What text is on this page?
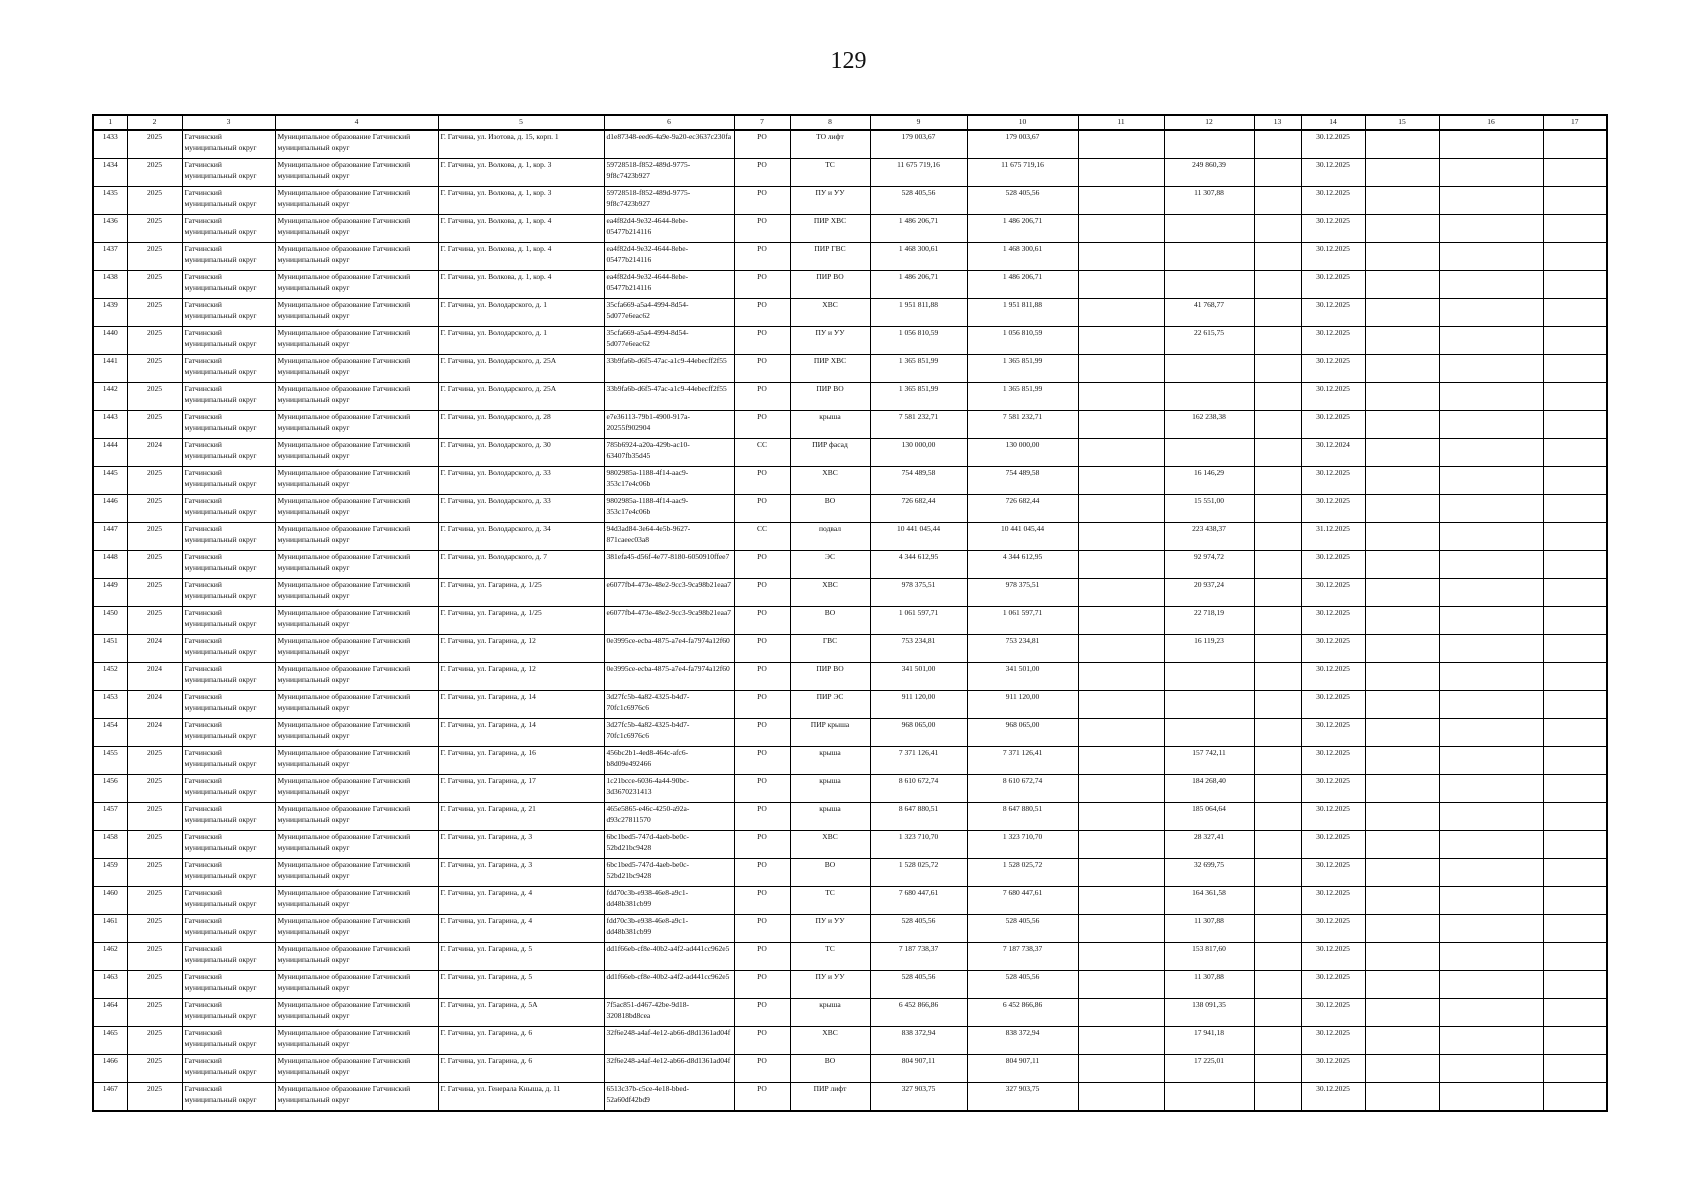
129
1	2	3	4	5	6	7	8	9	10	11	12	13	14	15	16	17
1433	2025	Гатчинский муниципальный округ	Муниципальное образование Гатчинский муниципальный округ	Г. Гатчина, ул. Изотова, д. 15, корп. 1	d1e87348-eed6-4a9e-9a20-ec3637c230fa	РО	ТО лифт	179 003,67	179 003,67				30.12.2025			
1434	2025	Гатчинский муниципальный округ	Муниципальное образование Гатчинский муниципальный округ	Г. Гатчина, ул. Волкова, д. 1, кор. 3	59728518-f852-489d-9775-9f8c7423b927	РО	ТС	11 675 719,16	11 675 719,16		249 860,39		30.12.2025			
1435	2025	Гатчинский муниципальный округ	Муниципальное образование Гатчинский муниципальный округ	Г. Гатчина, ул. Волкова, д. 1, кор. 3	59728518-f852-489d-9775-9f8c7423b927	РО	ПУ и УУ	528 405,56	528 405,56		11 307,88		30.12.2025			
1436	2025	Гатчинский муниципальный округ	Муниципальное образование Гатчинский муниципальный округ	Г. Гатчина, ул. Волкова, д. 1, кор. 4	ea4f82d4-9e32-4644-8ebe-05477b214116	РО	ПИР ХВС	1 486 206,71	1 486 206,71				30.12.2025			
1437	2025	Гатчинский муниципальный округ	Муниципальное образование Гатчинский муниципальный округ	Г. Гатчина, ул. Волкова, д. 1, кор. 4	ea4f82d4-9e32-4644-8ebe-05477b214116	РО	ПИР ГВС	1 468 300,61	1 468 300,61				30.12.2025			
1438	2025	Гатчинский муниципальный округ	Муниципальное образование Гатчинский муниципальный округ	Г. Гатчина, ул. Волкова, д. 1, кор. 4	ea4f82d4-9e32-4644-8ebe-05477b214116	РО	ПИР ВО	1 486 206,71	1 486 206,71				30.12.2025			
1439	2025	Гатчинский муниципальный округ	Муниципальное образование Гатчинский муниципальный округ	Г. Гатчина, ул. Володарского, д. 1	35cfa669-a5a4-4994-8d54-5d077e6eac62	РО	ХВС	1 951 811,88	1 951 811,88		41 768,77		30.12.2025			
1440	2025	Гатчинский муниципальный округ	Муниципальное образование Гатчинский муниципальный округ	Г. Гатчина, ул. Володарского, д. 1	35cfa669-a5a4-4994-8d54-5d077e6eac62	РО	ПУ и УУ	1 056 810,59	1 056 810,59		22 615,75		30.12.2025			
1441	2025	Гатчинский муниципальный округ	Муниципальное образование Гатчинский муниципальный округ	Г. Гатчина, ул. Володарского, д. 25А	33b9fa6b-d6f5-47ac-a1c9-44ebecff2f55	РО	ПИР ХВС	1 365 851,99	1 365 851,99				30.12.2025			
1442	2025	Гатчинский муниципальный округ	Муниципальное образование Гатчинский муниципальный округ	Г. Гатчина, ул. Володарского, д. 25А	33b9fa6b-d6f5-47ac-a1c9-44ebecff2f55	РО	ПИР ВО	1 365 851,99	1 365 851,99				30.12.2025			
1443	2025	Гатчинский муниципальный округ	Муниципальное образование Гатчинский муниципальный округ	Г. Гатчина, ул. Володарского, д. 28	e7e36113-79b1-4900-917a-20255f902904	РО	крыша	7 581 232,71	7 581 232,71		162 238,38		30.12.2025			
1444	2024	Гатчинский муниципальный округ	Муниципальное образование Гатчинский муниципальный округ	Г. Гатчина, ул. Володарского, д. 30	785b6924-a20a-429b-ac10-63407fb35d45	СС	ПИР фасад	130 000,00	130 000,00				30.12.2024			
1445	2025	Гатчинский муниципальный округ	Муниципальное образование Гатчинский муниципальный округ	Г. Гатчина, ул. Володарского, д. 33	9802985a-1188-4f14-aac9-353c17e4c06b	РО	ХВС	754 489,58	754 489,58		16 146,29		30.12.2025			
1446	2025	Гатчинский муниципальный округ	Муниципальное образование Гатчинский муниципальный округ	Г. Гатчина, ул. Володарского, д. 33	9802985a-1188-4f14-aac9-353c17e4c06b	РО	ВО	726 682,44	726 682,44		15 551,00		30.12.2025			
1447	2025	Гатчинский муниципальный округ	Муниципальное образование Гатчинский муниципальный округ	Г. Гатчина, ул. Володарского, д. 34	94d3ad84-3e64-4e5b-9627-871caeec03a8	СС	подвал	10 441 045,44	10 441 045,44		223 438,37		31.12.2025			
1448	2025	Гатчинский муниципальный округ	Муниципальное образование Гатчинский муниципальный округ	Г. Гатчина, ул. Володарского, д. 7	381efa45-d56f-4e77-8180-6050910ffee7	РО	ЭС	4 344 612,95	4 344 612,95		92 974,72		30.12.2025			
1449	2025	Гатчинский муниципальный округ	Муниципальное образование Гатчинский муниципальный округ	Г. Гатчина, ул. Гагарина, д. 1/25	e6077fb4-473e-48e2-9cc3-9ca98b21eaa7	РО	ХВС	978 375,51	978 375,51		20 937,24		30.12.2025			
1450	2025	Гатчинский муниципальный округ	Муниципальное образование Гатчинский муниципальный округ	Г. Гатчина, ул. Гагарина, д. 1/25	e6077fb4-473e-48e2-9cc3-9ca98b21eaa7	РО	ВО	1 061 597,71	1 061 597,71		22 718,19		30.12.2025			
1451	2024	Гатчинский муниципальный округ	Муниципальное образование Гатчинский муниципальный округ	Г. Гатчина, ул. Гагарина, д. 12	0e3995ce-ecba-4875-a7e4-fa7974a12f60	РО	ГВС	753 234,81	753 234,81		16 119,23		30.12.2025			
1452	2024	Гатчинский муниципальный округ	Муниципальное образование Гатчинский муниципальный округ	Г. Гатчина, ул. Гагарина, д. 12	0e3995ce-ecba-4875-a7e4-fa7974a12f60	РО	ПИР ВО	341 501,00	341 501,00				30.12.2025			
1453	2024	Гатчинский муниципальный округ	Муниципальное образование Гатчинский муниципальный округ	Г. Гатчина, ул. Гагарина, д. 14	3d27fc5b-4a82-4325-b4d7-70fc1c6976c6	РО	ПИР ЭС	911 120,00	911 120,00				30.12.2025			
1454	2024	Гатчинский муниципальный округ	Муниципальное образование Гатчинский муниципальный округ	Г. Гатчина, ул. Гагарина, д. 14	3d27fc5b-4a82-4325-b4d7-70fc1c6976c6	РО	ПИР крыша	968 065,00	968 065,00				30.12.2025			
1455	2025	Гатчинский муниципальный округ	Муниципальное образование Гатчинский муниципальный округ	Г. Гатчина, ул. Гагарина, д. 16	456bc2b1-4ed8-464c-afc6-b8d09e492466	РО	крыша	7 371 126,41	7 371 126,41		157 742,11		30.12.2025			
1456	2025	Гатчинский муниципальный округ	Муниципальное образование Гатчинский муниципальный округ	Г. Гатчина, ул. Гагарина, д. 17	1c21bcce-6036-4a44-90bc-3d3670231413	РО	крыша	8 610 672,74	8 610 672,74		184 268,40		30.12.2025			
1457	2025	Гатчинский муниципальный округ	Муниципальное образование Гатчинский муниципальный округ	Г. Гатчина, ул. Гагарина, д. 21	465e5865-e46c-4250-a92a-d93c27811570	РО	крыша	8 647 880,51	8 647 880,51		185 064,64		30.12.2025			
1458	2025	Гатчинский муниципальный округ	Муниципальное образование Гатчинский муниципальный округ	Г. Гатчина, ул. Гагарина, д. 3	6bc1bed5-747d-4aeb-be0c-52bd21bc9428	РО	ХВС	1 323 710,70	1 323 710,70		28 327,41		30.12.2025			
1459	2025	Гатчинский муниципальный округ	Муниципальное образование Гатчинский муниципальный округ	Г. Гатчина, ул. Гагарина, д. 3	6bc1bed5-747d-4aeb-be0c-52bd21bc9428	РО	ВО	1 528 025,72	1 528 025,72		32 699,75		30.12.2025			
1460	2025	Гатчинский муниципальный округ	Муниципальное образование Гатчинский муниципальный округ	Г. Гатчина, ул. Гагарина, д. 4	fdd70c3b-e938-46e8-a9c1-dd48b381cb99	РО	ТС	7 680 447,61	7 680 447,61		164 361,58		30.12.2025			
1461	2025	Гатчинский муниципальный округ	Муниципальное образование Гатчинский муниципальный округ	Г. Гатчина, ул. Гагарина, д. 4	fdd70c3b-e938-46e8-a9c1-dd48b381cb99	РО	ПУ и УУ	528 405,56	528 405,56		11 307,88		30.12.2025			
1462	2025	Гатчинский муниципальный округ	Муниципальное образование Гатчинский муниципальный округ	Г. Гатчина, ул. Гагарина, д. 5	dd1f66eb-cf8e-40b2-a4f2-ad441cc962e5	РО	ТС	7 187 738,37	7 187 738,37		153 817,60		30.12.2025			
1463	2025	Гатчинский муниципальный округ	Муниципальное образование Гатчинский муниципальный округ	Г. Гатчина, ул. Гагарина, д. 5	dd1f66eb-cf8e-40b2-a4f2-ad441cc962e5	РО	ПУ и УУ	528 405,56	528 405,56		11 307,88		30.12.2025			
1464	2025	Гатчинский муниципальный округ	Муниципальное образование Гатчинский муниципальный округ	Г. Гатчина, ул. Гагарина, д. 5А	7f5ac851-d467-42be-9d18-320818bd8cea	РО	крыша	6 452 866,86	6 452 866,86		138 091,35		30.12.2025			
1465	2025	Гатчинский муниципальный округ	Муниципальное образование Гатчинский муниципальный округ	Г. Гатчина, ул. Гагарина, д. 6	32f6e248-a4af-4e12-ab66-d8d1361ad04f	РО	ХВС	838 372,94	838 372,94		17 941,18		30.12.2025			
1466	2025	Гатчинский муниципальный округ	Муниципальное образование Гатчинский муниципальный округ	Г. Гатчина, ул. Гагарина, д. 6	32f6e248-a4af-4e12-ab66-d8d1361ad04f	РО	ВО	804 907,11	804 907,11		17 225,01		30.12.2025			
1467	2025	Гатчинский муниципальный округ	Муниципальное образование Гатчинский муниципальный округ	Г. Гатчина, ул. Генерала Кныша, д. 11	6513c37b-c5ce-4e18-bbed-52a60df42bd9	РО	ПИР лифт	327 903,75	327 903,75				30.12.2025			
